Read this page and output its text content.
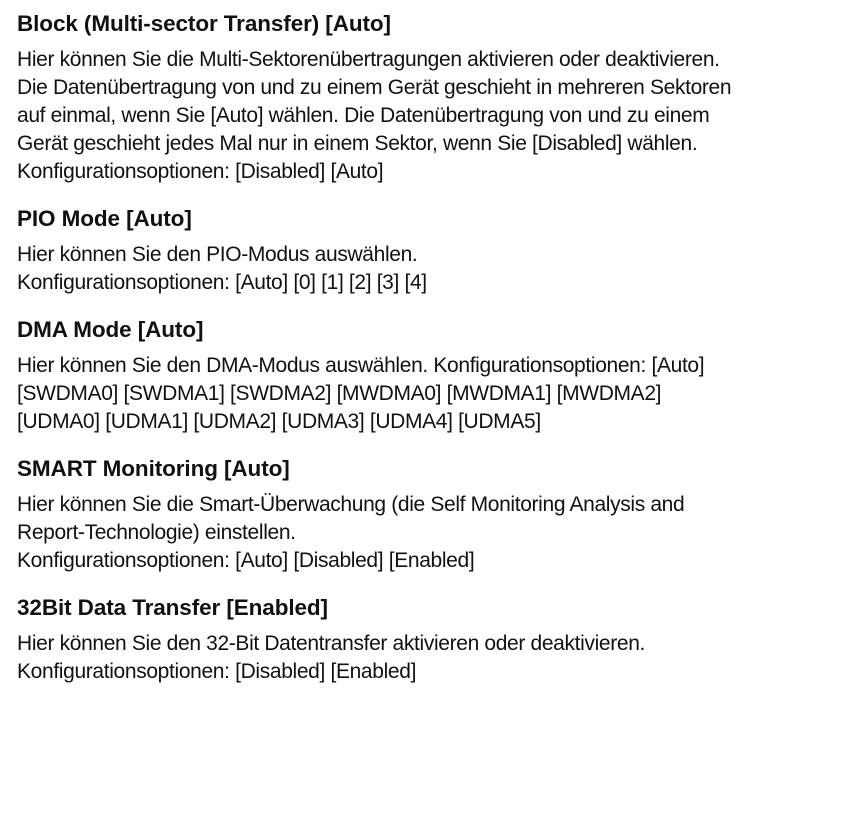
Block (Multi-sector Transfer) [Auto]
Hier können Sie die Multi-Sektorenübertragungen aktivieren oder deaktivieren.
Die Datenübertragung von und zu einem Gerät geschieht in mehreren Sektoren
auf einmal, wenn Sie [Auto] wählen. Die Datenübertragung von und zu einem
Gerät geschieht jedes Mal nur in einem Sektor, wenn Sie [Disabled] wählen.
Konfigurationsoptionen: [Disabled] [Auto]
PIO Mode [Auto]
Hier können Sie den PIO-Modus auswählen.
Konfigurationsoptionen: [Auto] [0] [1] [2] [3] [4]
DMA Mode [Auto]
Hier können Sie den DMA-Modus auswählen. Konfigurationsoptionen: [Auto]
[SWDMA0] [SWDMA1] [SWDMA2] [MWDMA0] [MWDMA1] [MWDMA2]
[UDMA0] [UDMA1] [UDMA2] [UDMA3] [UDMA4] [UDMA5]
SMART Monitoring [Auto]
Hier können Sie die Smart-Überwachung (die Self Monitoring Analysis and
Report-Technologie) einstellen.
Konfigurationsoptionen: [Auto] [Disabled] [Enabled]
32Bit Data Transfer [Enabled]
Hier können Sie den 32-Bit Datentransfer aktivieren oder deaktivieren.
Konfigurationsoptionen: [Disabled] [Enabled]
